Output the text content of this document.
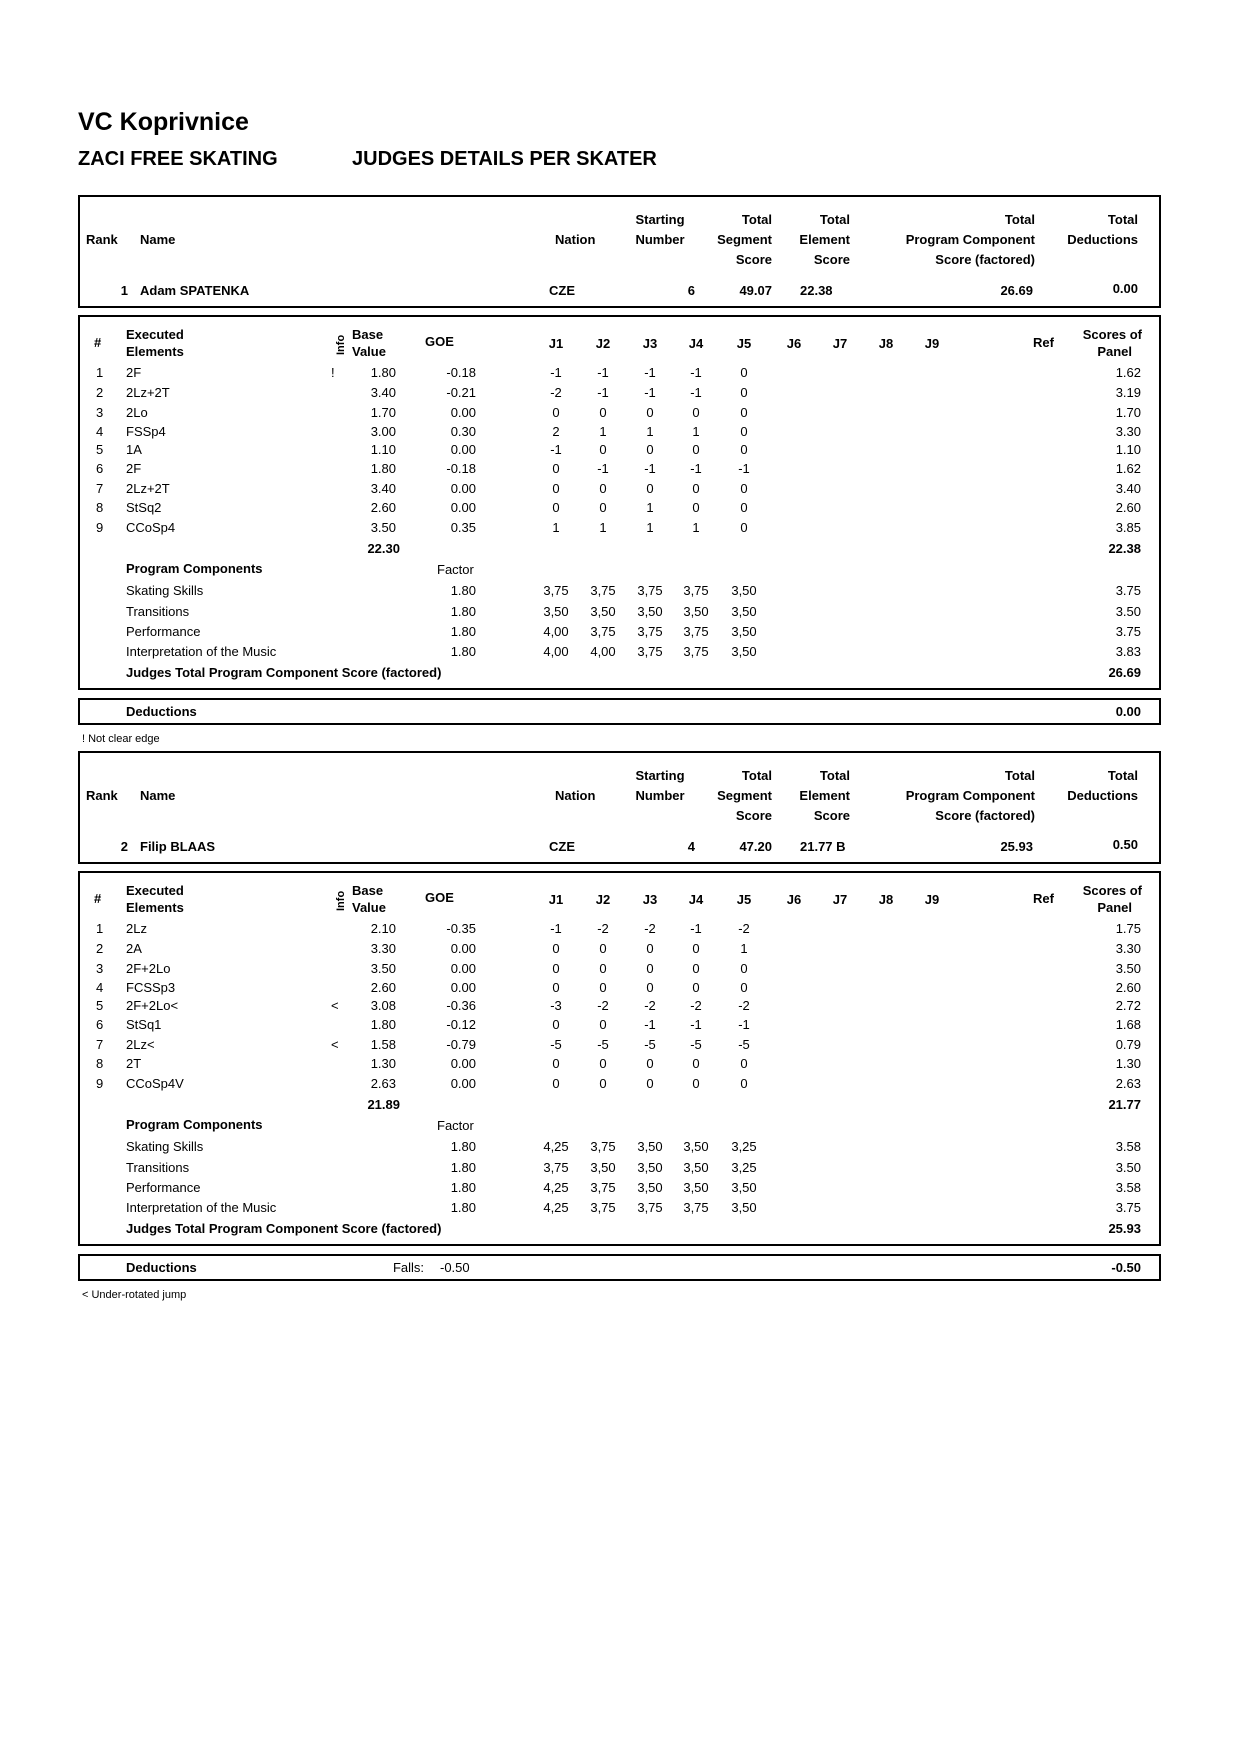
VC Koprivnice
ZACI FREE SKATING	JUDGES DETAILS PER SKATER
Rank Name	Nation
Starting
Number
Total
Segment
Score
Total
Element
Score
Total
Program Component
Score (factored)
Total
Deductions
1 Adam SPATENKA	CZE	6	49.07 22.38	26.69	0.00
#
Executed
Elements	Info
Base
Value
GOE	J1	J2	J3	J4	J5	J6	J7	J8	J9	Ref
Scores of
Panel
1 2F	!	1.80	-0.18	-1	-1	-1	-1	0	1.62
2 2Lz+2T	3.40	-0.21	-2	-1	-1	-1	0	3.19
3 2Lo	1.70	0.00	0	0	0	0	0	1.70
4 FSSp4	3.00	0.30	2	1	1	1	0	3.30
5 1A	1.10	0.00	-1	0	0	0	0	1.10
6 2F	1.80	-0.18	0	-1	-1	-1	-1	1.62
7 2Lz+2T	3.40	0.00	0	0	0	0	0	3.40
8 StSq2	2.60	0.00	0	0	1	0	0	2.60
9 CCoSp4	3.50	0.35	1	1	1	1	0	3.85
22.30	22.38
Program Components	Factor
Skating Skills	1.80	3,75	3,75	3,75	3,75	3,50	3.75
Transitions	1.80	3,50	3,50	3,50	3,50	3,50	3.50
Performance	1.80	4,00	3,75	3,75	3,75	3,50	3.75
Interpretation of the Music	1.80	4,00	4,00	3,75	3,75	3,50	3.83
Judges Total Program Component Score (factored)	26.69
Deductions	0.00
! Not clear edge
Rank Name	Nation
Starting
Number
Total
Segment
Score
Total
Element
Score
Total
Program Component
Score (factored)
Total
Deductions
2 Filip BLAAS	CZE	4	47.20 21.77 B	25.93	0.50
#
Executed
Elements	Info
Base
Value
GOE	J1	J2	J3	J4	J5	J6	J7	J8	J9	Ref
Scores of
Panel
1 2Lz	2.10	-0.35	-1	-2	-2	-1	-2	1.75
2 2A	3.30	0.00	0	0	0	0	1	3.30
3 2F+2Lo	3.50	0.00	0	0	0	0	0	3.50
4 FCSSp3	2.60	0.00	0	0	0	0	0	2.60
5 2F+2Lo<	<	3.08	-0.36	-3	-2	-2	-2	-2	2.72
6 StSq1	1.80	-0.12	0	0	-1	-1	-1	1.68
7 2Lz<	<	1.58	-0.79	-5	-5	-5	-5	-5	0.79
8 2T	1.30	0.00	0	0	0	0	0	1.30
9 CCoSp4V	2.63	0.00	0	0	0	0	0	2.63
21.89	21.77
Program Components	Factor
Skating Skills	1.80	4,25	3,75	3,50	3,50	3,25	3.58
Transitions	1.80	3,75	3,50	3,50	3,50	3,25	3.50
Performance	1.80	4,25	3,75	3,50	3,50	3,50	3.58
Interpretation of the Music	1.80	4,25	3,75	3,75	3,75	3,50	3.75
Judges Total Program Component Score (factored)	25.93
Deductions	Falls: -0.50	-0.50
< Under-rotated jump
